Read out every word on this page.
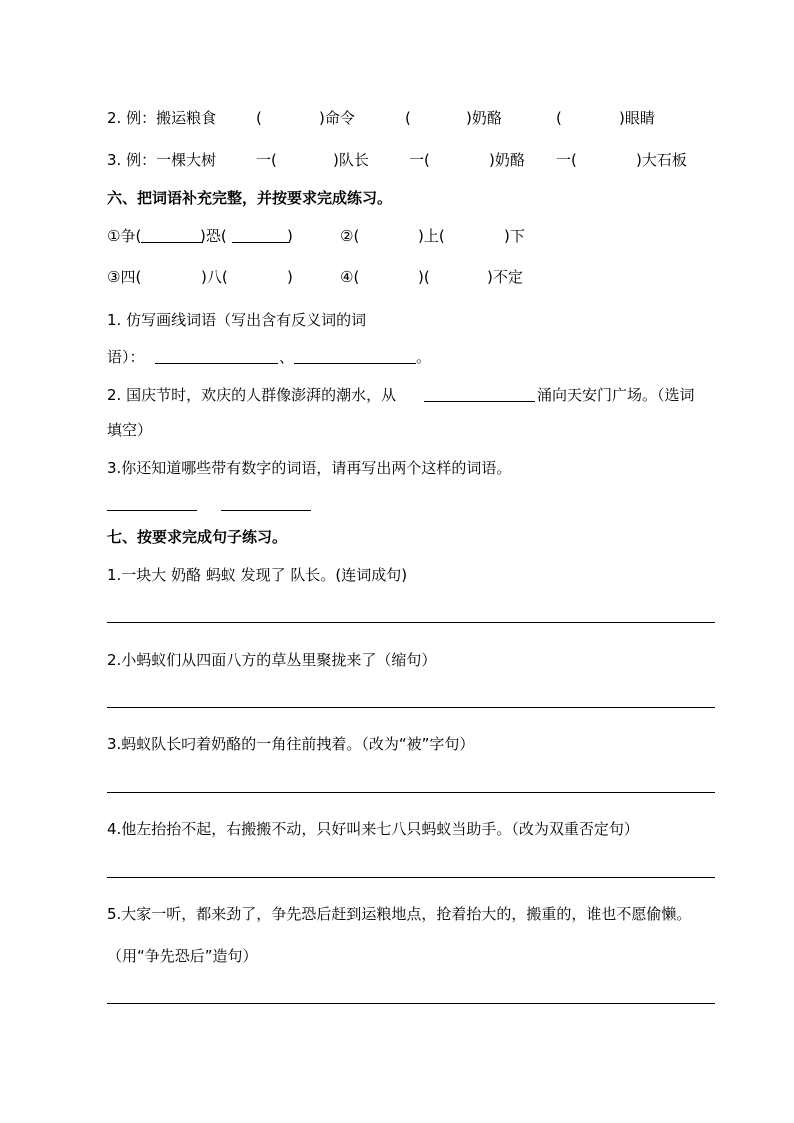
2. 例：搬运粮食	(	)命令	(	)奶酪	(	)眼睛
3. 例：一棵大树	一(	)队长	一(	)奶酪 一(	)大石板
六、把词语补充完整，并按要求完成练习。
①争(	)恐(	)	②(	)上(	)下
③四(	)八(	)	④(	)(	)不定
1. 仿写画线词语（写出含有反义词的词
语）：	、	。
2. 国庆节时，欢庆的人群像澎湃的潮水，从	涌向天安门广场。（选词
填空）
3.你还知道哪些带有数字的词语，请再写出两个这样的词语。
七、按要求完成句子练习。
1.一块大 奶酪 蚂蚁 发现了 队长。(连词成句)
2.小蚂蚁们从四面八方的草丛里聚拢来了（缩句）
3.蚂蚁队长叼着奶酪的一角往前拽着。（改为“被”字句）
4.他左抬抬不起，右搬搬不动，只好叫来七八只蚂蚁当助手。（改为双重否定句）
5.大家一听，都来劲了，争先恐后赶到运粮地点，抢着抬大的，搬重的，谁也不愿偷懒。
（用“争先恐后”造句）
